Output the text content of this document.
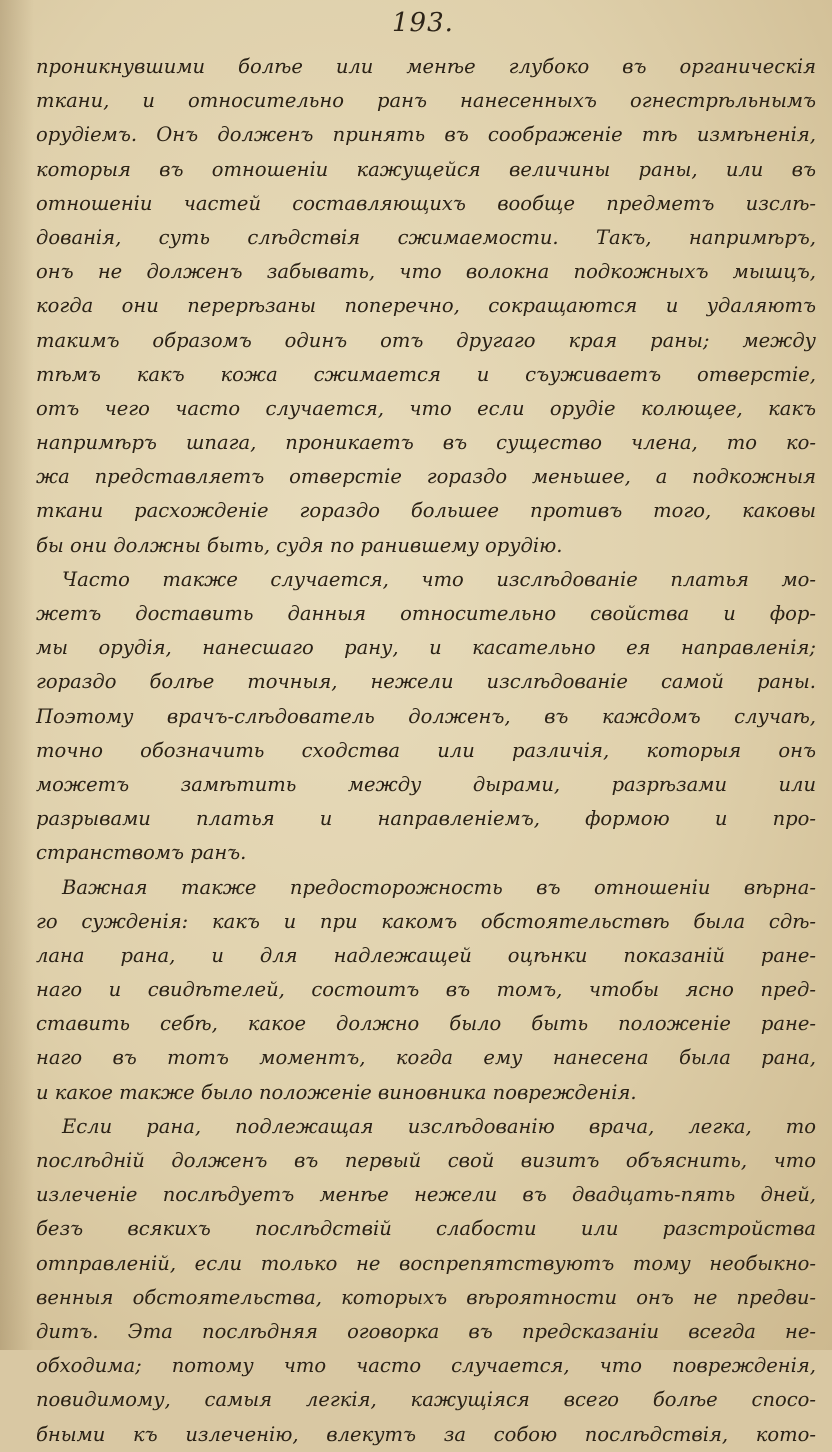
193.
проникнувшими болѣе или менѣе глубоко въ органическія
ткани, и относительно ранъ нанесенныхъ огнестрѣльнымъ
орудіемъ. Онъ долженъ принять въ соображеніе тѣ измѣненія,
которыя въ отношеніи кажущейся величины раны, или въ
отношеніи частей составляющихъ вообще предметъ изслѣ-
дованія, суть слѣдствія сжимаемости. Такъ, напримѣръ,
онъ не долженъ забывать, что волокна подкожныхъ мышцъ,
когда они перерѣзаны поперечно, сокращаются и удаляютъ
такимъ образомъ одинъ отъ другаго края раны; между
тѣмъ какъ кожа сжимается и съуживаетъ отверстіе,
отъ чего часто случается, что если орудіе колющее, какъ
напримѣръ шпага, проникаетъ въ существо члена, то ко-
жа представляетъ отверстіе гораздо меньшее, а подкожныя
ткани расхожденіе гораздо большее противъ того, каковы
бы они должны быть, судя по ранившему орудію.
Часто также случается, что изслѣдованіе платья мо-
жетъ доставить данныя относительно свойства и фор-
мы орудія, нанесшаго рану, и касательно ея направленія;
гораздо болѣе точныя, нежели изслѣдованіе самой раны.
Поэтому врачъ-слѣдователь долженъ, въ каждомъ случаѣ,
точно обозначить сходства или различія, которыя онъ
можетъ замѣтить между дырами, разрѣзами или
разрывами платья и направленіемъ, формою и про-
странствомъ ранъ.
Важная также предосторожность въ отношеніи вѣрна-
го сужденія: какъ и при какомъ обстоятельствѣ была сдѣ-
лана рана, и для надлежащей оцѣнки показаній ране-
наго и свидѣтелей, состоитъ въ томъ, чтобы ясно пред-
ставить себѣ, какое должно было быть положеніе ране-
наго въ тотъ моментъ, когда ему нанесена была рана,
и какое также было положеніе виновника поврежденія.
Если рана, подлежащая изслѣдованію врача, легка, то
послѣдній долженъ въ первый свой визитъ объяснить, что
излеченіе послѣдуетъ менѣе нежели въ двадцать-пять дней,
безъ всякихъ послѣдствій слабости или разстройства
отправленій, если только не воспрепятствуютъ тому необыкно-
венныя обстоятельства, которыхъ вѣроятности онъ не предви-
дитъ. Эта послѣдняя оговорка въ предсказаніи всегда не-
обходима; потому что часто случается, что поврежденія,
повидимому, самыя легкія, кажущіяся всего болѣе спосо-
бными къ излеченію, влекутъ за собою послѣдствія, кото-
